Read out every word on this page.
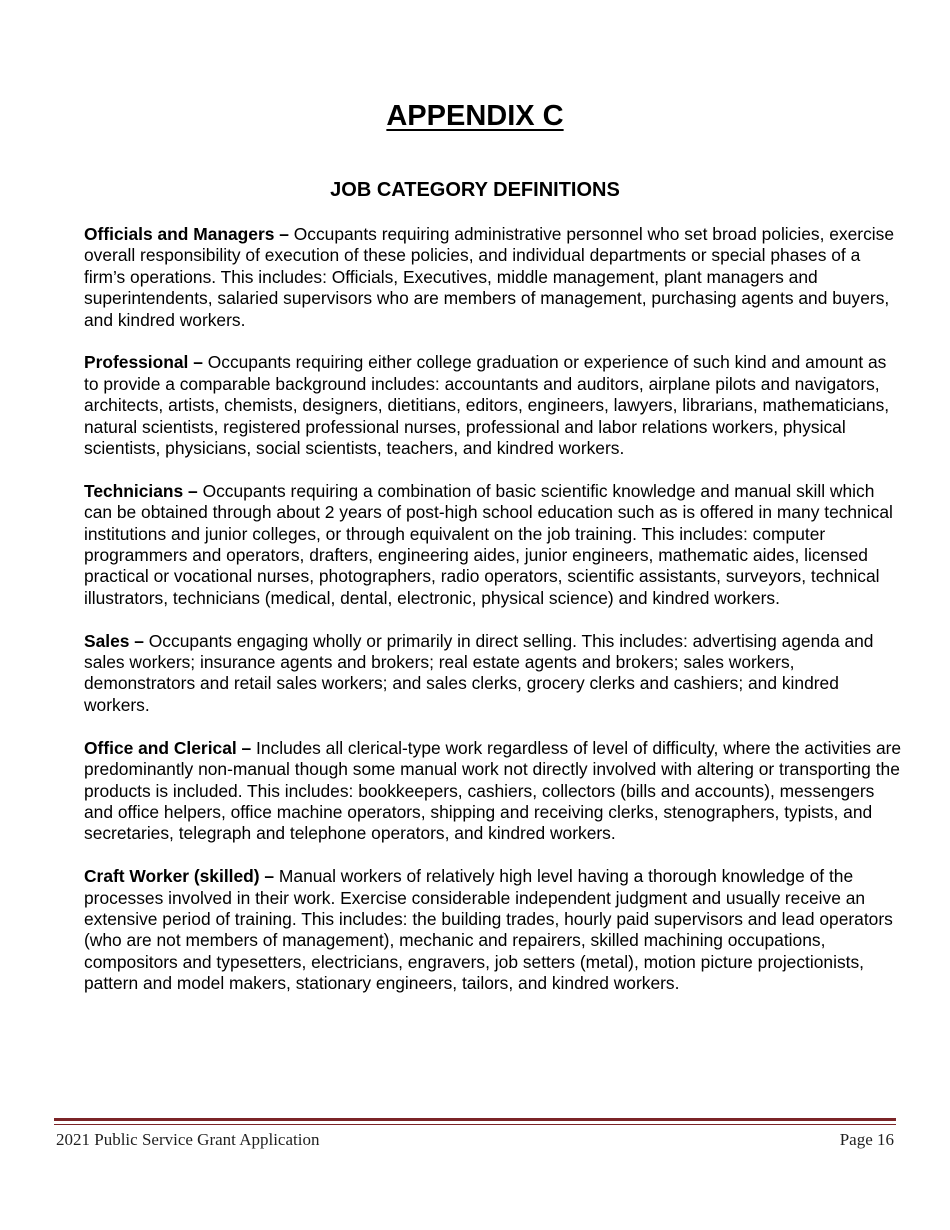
APPENDIX C
JOB CATEGORY DEFINITIONS

Officials and Managers – Occupants requiring administrative personnel who set broad policies, exercise overall responsibility of execution of these policies, and individual departments or special phases of a firm’s operations. This includes: Officials, Executives, middle management, plant managers and superintendents, salaried supervisors who are members of management, purchasing agents and buyers, and kindred workers.

Professional – Occupants requiring either college graduation or experience of such kind and amount as to provide a comparable background includes: accountants and auditors, airplane pilots and navigators, architects, artists, chemists, designers, dietitians, editors, engineers, lawyers, librarians, mathematicians, natural scientists, registered professional nurses, professional and labor relations workers, physical scientists, physicians, social scientists, teachers, and kindred workers.

Technicians – Occupants requiring a combination of basic scientific knowledge and manual skill which can be obtained through about 2 years of post-high school education such as is offered in many technical institutions and junior colleges, or through equivalent on the job training. This includes: computer programmers and operators, drafters, engineering aides, junior engineers, mathematic aides, licensed practical or vocational nurses, photographers, radio operators, scientific assistants, surveyors, technical illustrators, technicians (medical, dental, electronic, physical science) and kindred workers.

Sales – Occupants engaging wholly or primarily in direct selling. This includes: advertising agenda and sales workers; insurance agents and brokers; real estate agents and brokers; sales workers, demonstrators and retail sales workers; and sales clerks, grocery clerks and cashiers; and kindred workers.

Office and Clerical – Includes all clerical-type work regardless of level of difficulty, where the activities are predominantly non-manual though some manual work not directly involved with altering or transporting the products is included. This includes: bookkeepers, cashiers, collectors (bills and accounts), messengers and office helpers, office machine operators, shipping and receiving clerks, stenographers, typists, and secretaries, telegraph and telephone operators, and kindred workers.

Craft Worker (skilled) – Manual workers of relatively high level having a thorough knowledge of the processes involved in their work. Exercise considerable independent judgment and usually receive an extensive period of training. This includes: the building trades, hourly paid supervisors and lead operators (who are not members of management), mechanic and repairers, skilled machining occupations, compositors and typesetters, electricians, engravers, job setters (metal), motion picture projectionists, pattern and model makers, stationary engineers, tailors, and kindred workers.

2021 Public Service Grant Application	Page 16
